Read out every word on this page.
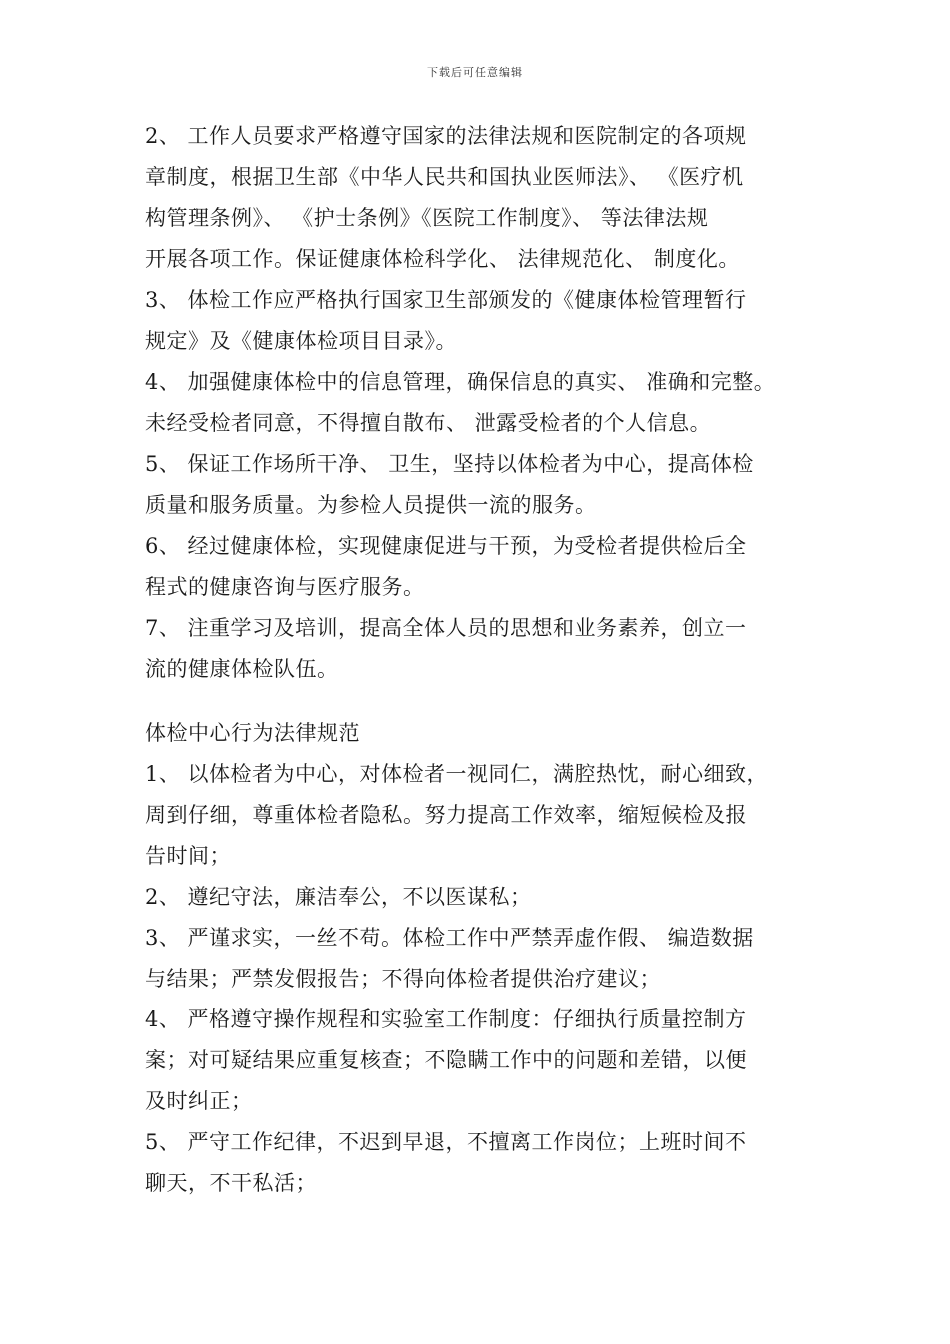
下载后可任意编辑
2、 工作人员要求严格遵守国家的法律法规和医院制定的各项规
章制度，根据卫生部《中华人民共和国执业医师法》、 《医疗机
构管理条例》、 《护士条例》《医院工作制度》、 等法律法规
开展各项工作。保证健康体检科学化、 法律规范化、 制度化。
3、 体检工作应严格执行国家卫生部颁发的《健康体检管理暂行
规定》及《健康体检项目目录》。
4、 加强健康体检中的信息管理，确保信息的真实、 准确和完整。
未经受检者同意，不得擅自散布、 泄露受检者的个人信息。
5、 保证工作场所干净、 卫生，坚持以体检者为中心，提高体检
质量和服务质量。为参检人员提供一流的服务。
6、 经过健康体检，实现健康促进与干预，为受检者提供检后全
程式的健康咨询与医疗服务。
7、 注重学习及培训，提高全体人员的思想和业务素养，创立一
流的健康体检队伍。
体检中心行为法律规范
1、 以体检者为中心，对体检者一视同仁，满腔热忱，耐心细致，
周到仔细，尊重体检者隐私。努力提高工作效率，缩短候检及报
告时间；
2、 遵纪守法，廉洁奉公，不以医谋私；
3、 严谨求实，一丝不苟。体检工作中严禁弄虚作假、 编造数据
与结果；严禁发假报告；不得向体检者提供治疗建议；
4、 严格遵守操作规程和实验室工作制度：仔细执行质量控制方
案；对可疑结果应重复核查；不隐瞒工作中的问题和差错，以便
及时纠正；
5、 严守工作纪律，不迟到早退，不擅离工作岗位；上班时间不
聊天，不干私活；
